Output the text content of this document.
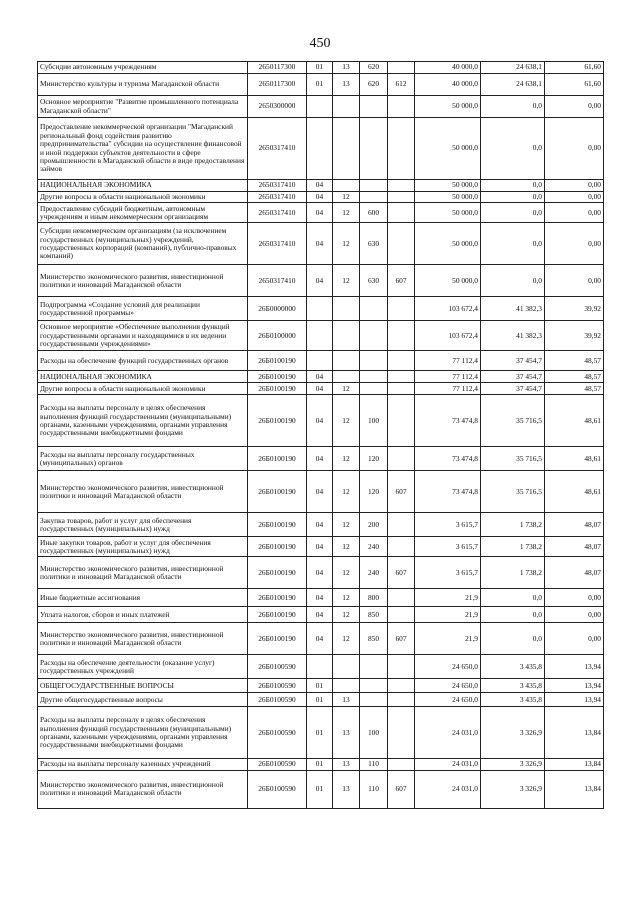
450
Субсидии автономным учреждениям	2650117300	01	13	620		40 000,0	24 638,1	61,60
Министерство культуры и туризма Магаданской области	2650117300	01	13	620	612	40 000,0	24 638,1	61,60
Основное мероприятие "Развитие промышленного потенциала Магаданской области"	2650300000					50 000,0	0,0	0,00
Предоставление некоммерческой организации "Магаданский региональный фонд содействия развитию предпринимательства" субсидии на осуществление финансовой и иной поддержки субъектов деятельности в сфере промышленности в Магаданской области в виде предоставления займов	2650317410					50 000,0	0,0	0,00
НАЦИОНАЛЬНАЯ ЭКОНОМИКА	2650317410	04				50 000,0	0,0	0,00
Другие вопросы в области национальной экономики	2650317410	04	12			50 000,0	0,0	0,00
Предоставление субсидий бюджетным, автономным учреждениям и иным некоммерческим организациям	2650317410	04	12	600		50 000,0	0,0	0,00
Субсидии некоммерческим организациям (за исключением государственных (муниципальных) учреждений, государственных корпораций (компаний), публично-правовых компаний)	2650317410	04	12	630		50 000,0	0,0	0,00
Министерство экономического развития, инвестиционной политики и инноваций Магаданской области	2650317410	04	12	630	607	50 000,0	0,0	0,00
Подпрограмма «Создание условий для реализации государственной программы»	26Б0000000					103 672,4	41 382,3	39,92
Основное мероприятие «Обеспечение выполнения функций государственными органами и находящимися в их ведении государственными учреждениями»	26Б0100000					103 672,4	41 382,3	39,92
Расходы на обеспечение функций государственных органов	26Б0100190					77 112,4	37 454,7	48,57
НАЦИОНАЛЬНАЯ ЭКОНОМИКА	26Б0100190	04				77 112,4	37 454,7	48,57
Другие вопросы в области национальной экономики	26Б0100190	04	12			77 112,4	37 454,7	48,57
Расходы на выплаты персоналу в целях обеспечения выполнения функций государственными (муниципальными) органами, казенными учреждениями, органами управления государственными внебюджетными фондами	26Б0100190	04	12	100		73 474,8	35 716,5	48,61
Расходы на выплаты персоналу государственных (муниципальных) органов	26Б0100190	04	12	120		73 474,8	35 716,5	48,61
Министерство экономического развития, инвестиционной политики и инноваций Магаданской области	26Б0100190	04	12	120	607	73 474,8	35 716,5	48,61
Закупка товаров, работ и услуг для обеспечения государственных (муниципальных) нужд	26Б0100190	04	12	200		3 615,7	1 738,2	48,07
Иные закупки товаров, работ и услуг для обеспечения государственных (муниципальных) нужд	26Б0100190	04	12	240		3 615,7	1 738,2	48,07
Министерство экономического развития, инвестиционной политики и инноваций Магаданской области	26Б0100190	04	12	240	607	3 615,7	1 738,2	48,07
Иные бюджетные ассигнования	26Б0100190	04	12	800		21,9	0,0	0,00
Уплата налогов, сборов и иных платежей	26Б0100190	04	12	850		21,9	0,0	0,00
Министерство экономического развития, инвестиционной политики и инноваций Магаданской области	26Б0100190	04	12	850	607	21,9	0,0	0,00
Расходы на обеспечение деятельности (оказание услуг) государственных учреждений	26Б0100590					24 650,0	3 435,8	13,94
ОБЩЕГОСУДАРСТВЕННЫЕ ВОПРОСЫ	26Б0100590	01				24 650,0	3 435,8	13,94
Другие общегосударственные вопросы	26Б0100590	01	13			24 650,0	3 435,8	13,94
Расходы на выплаты персоналу в целях обеспечения выполнения функций государственными (муниципальными) органами, казенными учреждениями, органами управления государственными внебюджетными фондами	26Б0100590	01	13	100		24 031,0	3 326,9	13,84
Расходы на выплаты персоналу казенных учреждений	26Б0100590	01	13	110		24 031,0	3 326,9	13,84
Министерство экономического развития, инвестиционной политики и инноваций Магаданской области	26Б0100590	01	13	110	607	24 031,0	3 326,9	13,84
